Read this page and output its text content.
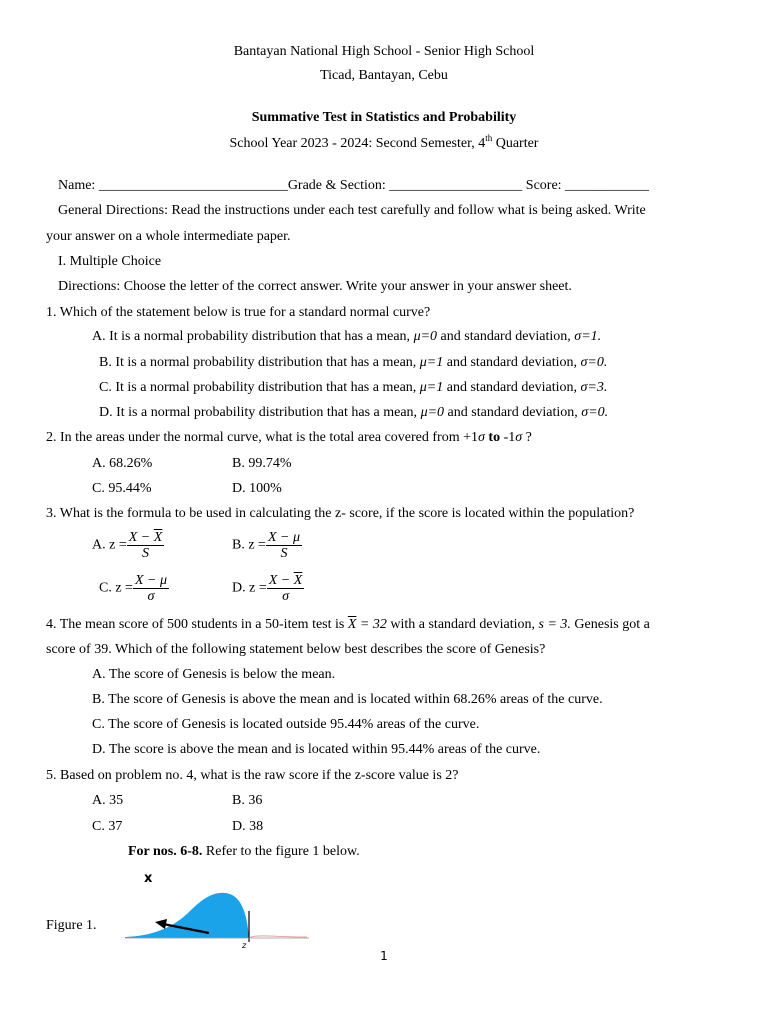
Bantayan National High School - Senior High School
Ticad, Bantayan, Cebu
Summative Test in Statistics and Probability
School Year 2023 - 2024: Second Semester, 4th Quarter
Name: ___________________________Grade & Section: ___________________ Score: ____________
General Directions: Read the instructions under each test carefully and follow what is being asked. Write
your answer on a whole intermediate paper.
I. Multiple Choice
Directions: Choose the letter of the correct answer. Write your answer in your answer sheet.
1. Which of the statement below is true for a standard normal curve?
A. It is a normal probability distribution that has a mean, μ=0 and standard deviation, σ=1.
B. It is a normal probability distribution that has a mean, μ=1 and standard deviation, σ=0.
C. It is a normal probability distribution that has a mean, μ=1 and standard deviation, σ=3.
D. It is a normal probability distribution that has a mean, μ=0 and standard deviation, σ=0.
2. In the areas under the normal curve, what is the total area covered from +1σ to -1σ ?
A. 68.26%	B. 99.74%
C. 95.44%	D. 100%
3. What is the formula to be used in calculating the z- score, if the score is located within the population?
A. $z = \frac{X - \overline{X}}{S}$	B. $z = \frac{X - \mu}{S}$
C. $z = \frac{X - \mu}{\sigma}$	D. $z = \frac{X - \overline{X}}{\sigma}$
4. The mean score of 500 students in a 50-item test is $\overline{X} = 32$ with a standard deviation, s = 3. Genesis got a
score of 39. Which of the following statement below best describes the score of Genesis?
A. The score of Genesis is below the mean.
B. The score of Genesis is above the mean and is located within 68.26% areas of the curve.
C. The score of Genesis is located outside 95.44% areas of the curve.
D. The score is above the mean and is located within 95.44% areas of the curve.
5. Based on problem no. 4, what is the raw score if the z-score value is 2?
A. 35	B. 36
C. 37	D. 38
For nos. 6-8. Refer to the figure 1 below.
Figure 1.
x
z
1
